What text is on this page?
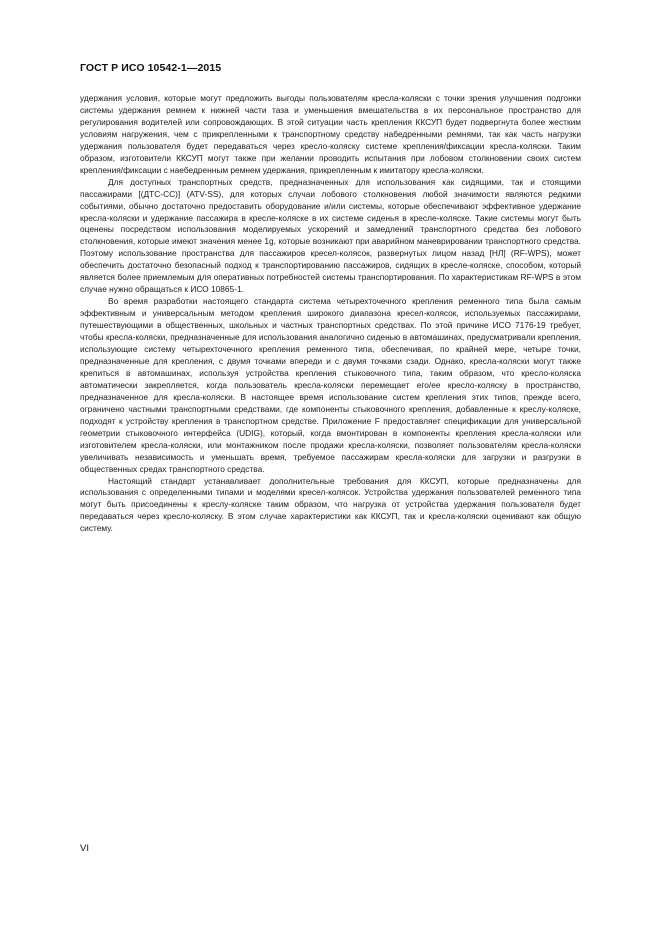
ГОСТ Р ИСО 10542-1—2015

удержания условия, которые могут предложить выгоды пользователям кресла-коляски с точки зрения улучшения подгонки системы удержания ремнем к нижней части таза и уменьшения вмешательства в их персональное пространство для регулирования водителей или сопровождающих. В этой ситуации часть крепления ККСУП будет подвергнута более жестким условиям нагружения, чем с прикрепленными к транспортному средству набедренными ремнями, так как часть нагрузки удержания пользователя будет передаваться через кресло-коляску системе крепления/фиксации кресла-коляски. Таким образом, изготовители ККСУП могут также при желании проводить испытания при лобовом столкновении своих систем крепления/фиксации с наебедренным ремнем удержания, прикрепленным к имитатору кресла-коляски.

Для доступных транспортных средств, предназначенных для использования как сидящими, так и стоящими пассажирами [(ДТС-СС)] (ATV-SS), для которых случаи лобового столкновения любой значимости являются редкими событиями, обычно достаточно предоставить оборудование и/или системы, которые обеспечивают эффективное удержание кресла-коляски и удержание пассажира в кресле-коляске в их системе сиденья в кресле-коляске. Такие системы могут быть оценены посредством использования моделируемых ускорений и замедлений транспортного средства без лобового столкновения, которые имеют значения менее 1g, которые возникают при аварийном маневрировании транспортного средства. Поэтому использование пространства для пассажиров кресел-колясок, развернутых лицом назад [НЛ] (RF-WPS), может обеспечить достаточно безопасный подход к транспортированию пассажиров, сидящих в кресле-коляске, способом, который является более приемлемым для оперативных потребностей системы транспортирования. По характеристикам RF-WPS в этом случае нужно обращаться к ИСО 10865-1.

Во время разработки настоящего стандарта система четырехточечного крепления ременного типа была самым эффективным и универсальным методом крепления широкого диапазона кресел-колясок, используемых пассажирами, путешествующими в общественных, школьных и частных транспортных средствах. По этой причине ИСО 7176-19 требует, чтобы кресла-коляски, предназначенные для использования аналогично сиденью в автомашинах, предусматривали крепления, использующие систему четырехточечного крепления ременного типа, обеспечивая, по крайней мере, четыре точки, предназначенные для крепления, с двумя точками впереди и с двумя точками сзади. Однако, кресла-коляски могут также крепиться в автомашинах, используя устройства крепления стыковочного типа, таким образом, что кресло-коляска автоматически закрепляется, когда пользователь кресла-коляски перемещает его/ее кресло-коляску в пространство, предназначенное для кресла-коляски. В настоящее время использование систем крепления этих типов, прежде всего, ограничено частными транспортными средствами, где компоненты стыковочного крепления, добавленные к креслу-коляске, подходят к устройству крепления в транспортном средстве. Приложение F предоставляет спецификации для универсальной геометрии стыковочного интерфейса (UDIG), который, когда вмонтирован в компоненты крепления кресла-коляски или изготовителем кресла-коляски, или монтажником после продажи кресла-коляски, позволяет пользователям кресла-коляски увеличивать независимость и уменьшать время, требуемое пассажирам кресла-коляски для загрузки и разгрузки в общественных средах транспортного средства.

Настоящий стандарт устанавливает дополнительные требования для ККСУП, которые предназначены для использования с определенными типами и моделями кресел-колясок. Устройства удержания пользователей ременного типа могут быть присоединены к креслу-коляске таким образом, что нагрузка от устройства удержания пользователя будет передаваться через кресло-коляску. В этом случае характеристики как ККСУП, так и кресла-коляски оценивают как общую систему.

VI
